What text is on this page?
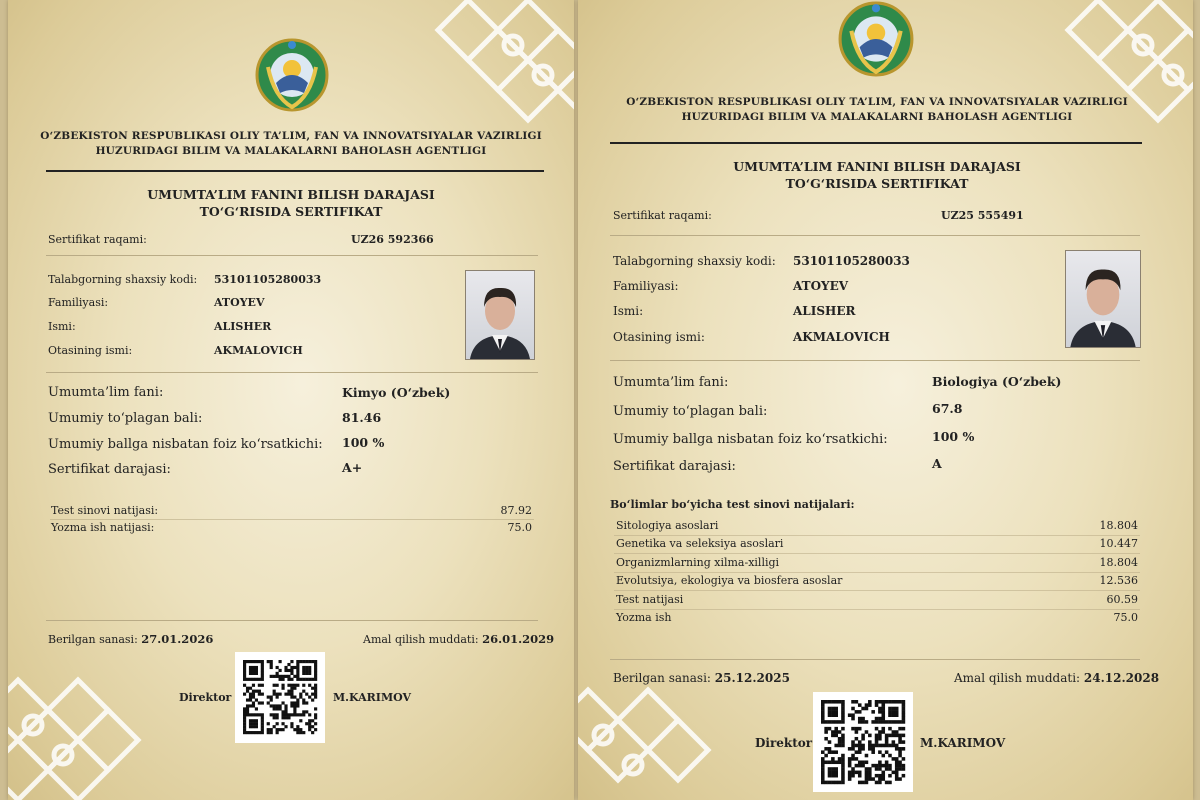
O‘ZBEKISTON RESPUBLIKASI OLIY TA’LIM, FAN VA INNOVATSIYALAR VAZIRLIGI
HUZURIDAGI BILIM VA MALAKALARNI BAHOLASH AGENTLIGI
UMUMTA’LIM FANINI BILISH DARAJASI
TO‘G‘RISIDA SERTIFIKAT
Sertifikat raqami:	UZ26 592366
Talabgorning shaxsiy kodi: 53101105280033
Familiyasi:	ATOYEV
Ismi:	ALISHER
Otasining ismi:	AKMALOVICH
Umumta’lim fani:	Kimyo (O‘zbek)
Umumiy to‘plagan bali:	81.46
Umumiy ballga nisbatan foiz ko‘rsatkichi: 100 %
Sertifikat darajasi:	A+
Test sinovi natijasi:	87.92
Yozma ish natijasi:	75.0
Berilgan sanasi: 27.01.2026	Amal qilish muddati: 26.01.2029
Direktor	M.KARIMOV
O‘ZBEKISTON RESPUBLIKASI OLIY TA’LIM, FAN VA INNOVATSIYALAR VAZIRLIGI
HUZURIDAGI BILIM VA MALAKALARNI BAHOLASH AGENTLIGI
UMUMTA’LIM FANINI BILISH DARAJASI
TO‘G‘RISIDA SERTIFIKAT
Sertifikat raqami:	UZ25 555491
Talabgorning shaxsiy kodi: 53101105280033
Familiyasi:	ATOYEV
Ismi:	ALISHER
Otasining ismi:	AKMALOVICH
Umumta’lim fani:	Biologiya (O‘zbek)
Umumiy to‘plagan bali:	67.8
Umumiy ballga nisbatan foiz ko‘rsatkichi:	100 %
Sertifikat darajasi:	A
Bo‘limlar bo‘yicha test sinovi natijalari:
Sitologiya asoslari	18.804
Genetika va seleksiya asoslari	10.447
Organizmlarning xilma-xilligi	18.804
Evolutsiya, ekologiya va biosfera asoslar	12.536
Test natijasi	60.59
Yozma ish	75.0
Berilgan sanasi: 25.12.2025	Amal qilish muddati: 24.12.2028
Direktor	M.KARIMOV
